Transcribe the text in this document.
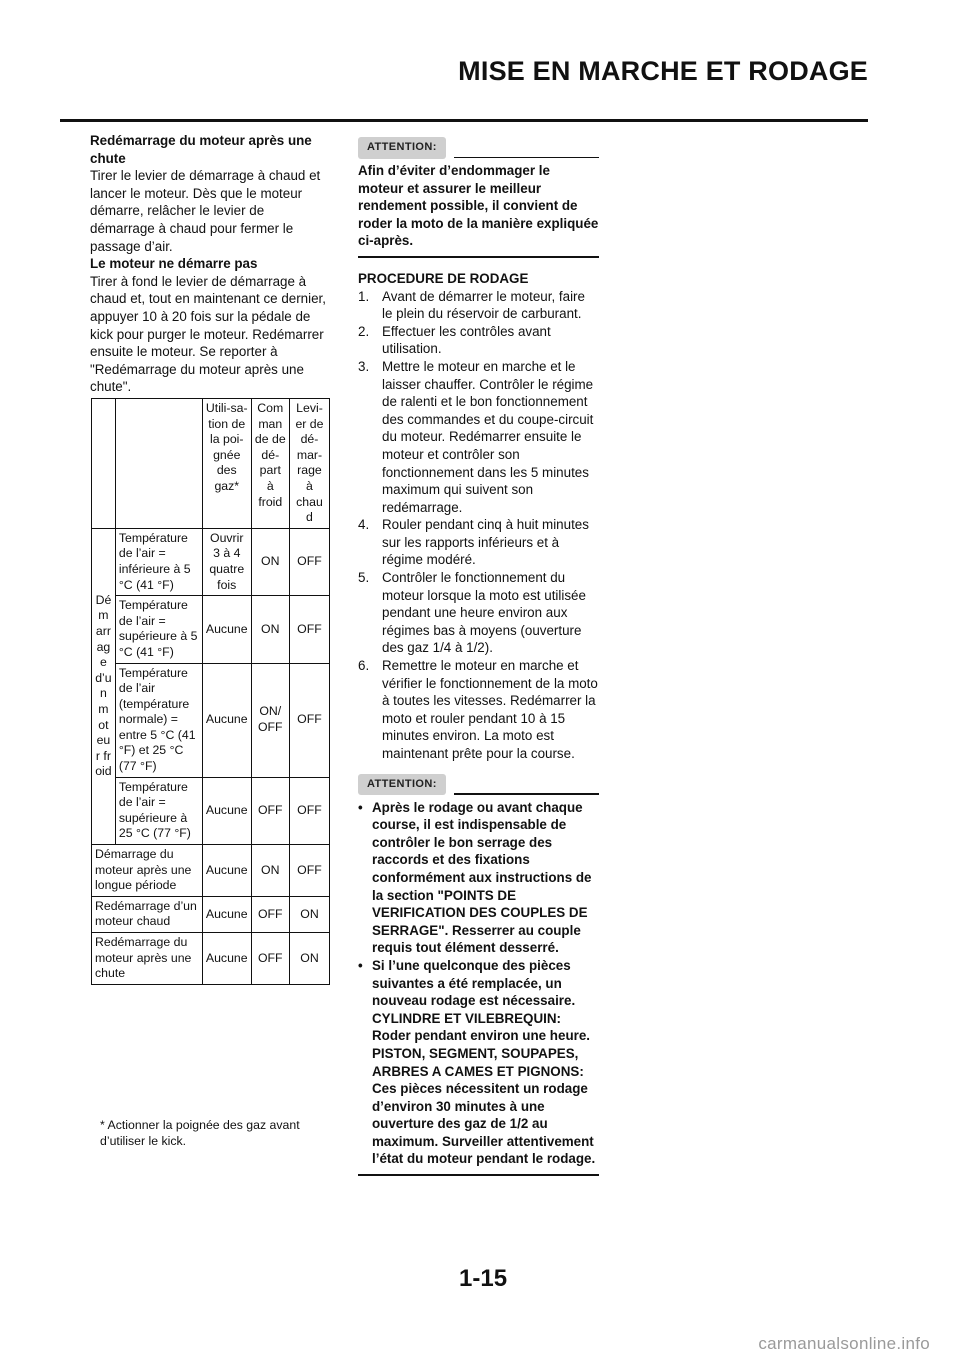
MISE EN MARCHE ET RODAGE

Redémarrage du moteur après une chute

Tirer le levier de démarrage à chaud et lancer le moteur. Dès que le moteur démarre, relâcher le levier de démarrage à chaud pour fermer le passage d’air.

Le moteur ne démarre pas

Tirer à fond le levier de démarrage à chaud et, tout en maintenant ce dernier, appuyer 10 à 20 fois sur la pédale de kick pour purger le moteur. Redémarrer ensuite le moteur. Se reporter à "Redémarrage du moteur après une chute".

		Utili-sa-tion de la poi-gnée des gaz*	Com man de de dé-part à froid	Levi-er de dé-mar-rage à chau d
Démarrage d’un moteur froid	Température de l’air = inférieure à 5 °C (41 °F)	Ouvrir 3 à 4 quatre fois	ON	OFF
	Température de l’air = supérieure à 5 °C (41 °F)	Aucune	ON	OFF
	Température de l’air (température normale) = entre 5 °C (41 °F) et 25 °C (77 °F)	Aucune	ON/ OFF	OFF
	Température de l’air = supérieure à 25 °C (77 °F)	Aucune	OFF	OFF
Démarrage du moteur après une longue période		Aucune	ON	OFF
Redémarrage d’un moteur chaud		Aucune	OFF	ON
Redémarrage du moteur après une chute		Aucune	OFF	ON
* Actionner la poignée des gaz avant d’utiliser le kick.
ATTENTION:
Afin d’éviter d’endommager le moteur et assurer le meilleur rendement possible, il convient de roder la moto de la manière expliquée ci-après.
PROCEDURE DE RODAGE
1. Avant de démarrer le moteur, faire le plein du réservoir de carburant.
2. Effectuer les contrôles avant utilisation.
3. Mettre le moteur en marche et le laisser chauffer. Contrôler le régime de ralenti et le bon fonctionnement des commandes et du coupe-circuit du moteur. Redémarrer ensuite le moteur et contrôler son fonctionnement dans les 5 minutes maximum qui suivent son redémarrage.
4. Rouler pendant cinq à huit minutes sur les rapports inférieurs et à régime modéré.
5. Contrôler le fonctionnement du moteur lorsque la moto est utilisée pendant une heure environ aux régimes bas à moyens (ouverture des gaz 1/4 à 1/2).
6. Remettre le moteur en marche et vérifier le fonctionnement de la moto à toutes les vitesses. Redémarrer la moto et rouler pendant 10 à 15 minutes environ. La moto est maintenant prête pour la course.
ATTENTION:
• Après le rodage ou avant chaque course, il est indispensable de contrôler le bon serrage des raccords et des fixations conformément aux instructions de la section "POINTS DE VERIFICATION DES COUPLES DE SERRAGE". Resserrer au couple requis tout élément desserré.
• Si l’une quelconque des pièces suivantes a été remplacée, un nouveau rodage est nécessaire.
CYLINDRE ET VILEBREQUIN:
Roder pendant environ une heure.
PISTON, SEGMENT, SOUPAPES, ARBRES A CAMES ET PIGNONS:
Ces pièces nécessitent un rodage d’environ 30 minutes à une ouverture des gaz de 1/2 au maximum. Surveiller attentivement l’état du moteur pendant le rodage.
1-15
carmanualsonline.info
